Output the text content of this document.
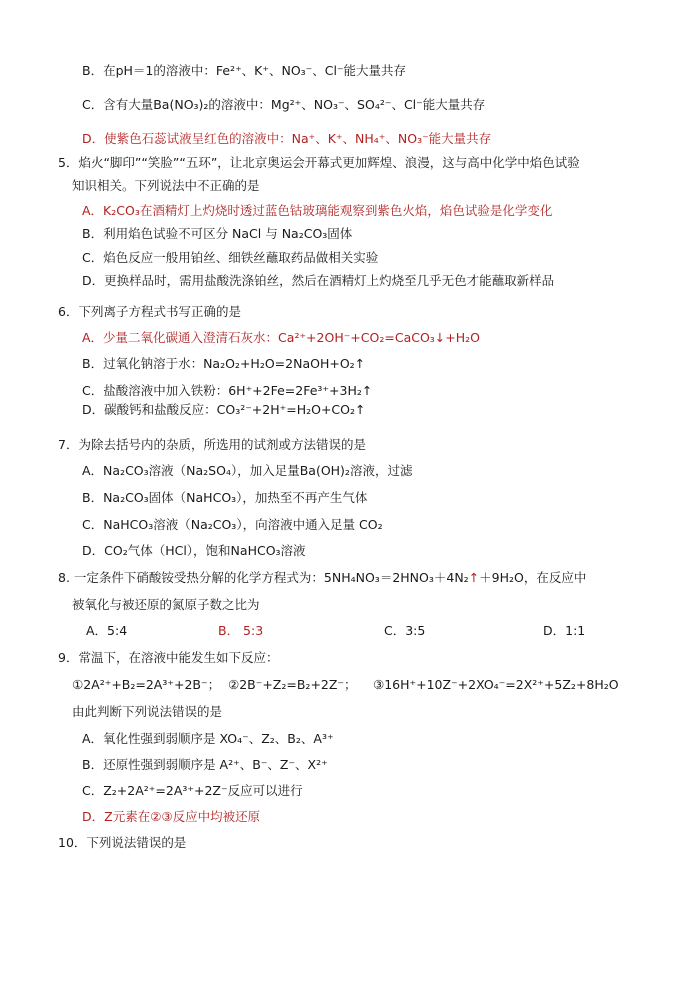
B．在pH＝1的溶液中：Fe²⁺、K⁺、NO₃⁻、Cl⁻能大量共存
C．含有大量Ba(NO₃)₂的溶液中：Mg²⁺、NO₃⁻、SO₄²⁻、Cl⁻能大量共存
D．使紫色石蕊试液呈红色的溶液中：Na⁺、K⁺、NH₄⁺、NO₃⁻能大量共存
5．焰火“脚印”“笑脸”“五环”，让北京奥运会开幕式更加辉煌、浪漫，这与高中化学中焰色试验
知识相关。下列说法中不正确的是
A．K₂CO₃在酒精灯上灼烧时透过蓝色钴玻璃能观察到紫色火焰，焰色试验是化学变化
B．利用焰色试验不可区分 NaCl 与 Na₂CO₃固体
C．焰色反应一般用铂丝、细铁丝蘸取药品做相关实验
D．更换样品时，需用盐酸洗涤铂丝，然后在酒精灯上灼烧至几乎无色才能蘸取新样品
6．下列离子方程式书写正确的是
A．少量二氧化碳通入澄清石灰水：Ca²⁺+2OH⁻+CO₂=CaCO₃↓+H₂O
B．过氧化钠溶于水：Na₂O₂+H₂O=2NaOH+O₂↑
C．盐酸溶液中加入铁粉：6H⁺+2Fe=2Fe³⁺+3H₂↑
D．碳酸钙和盐酸反应：CO₃²⁻+2H⁺=H₂O+CO₂↑
7．为除去括号内的杂质，所选用的试剂或方法错误的是
A．Na₂CO₃溶液（Na₂SO₄），加入足量Ba(OH)₂溶液，过滤
B．Na₂CO₃固体（NaHCO₃），加热至不再产生气体
C．NaHCO₃溶液（Na₂CO₃），向溶液中通入足量 CO₂
D．CO₂气体（HCl），饱和NaHCO₃溶液
8. 一定条件下硝酸铵受热分解的化学方程式为：5NH₄NO₃＝2HNO₃＋4N₂↑＋9H₂O，在反应中
被氧化与被还原的氮原子数之比为
A．5:4	B． 5:3	C．3:5	D．1:1
9．常温下，在溶液中能发生如下反应：
①2A²⁺+B₂=2A³⁺+2B⁻； ②2B⁻+Z₂=B₂+2Z⁻； ③16H⁺+10Z⁻+2XO₄⁻=2X²⁺+5Z₂+8H₂O
由此判断下列说法错误的是
A．氧化性强到弱顺序是 XO₄⁻、Z₂、B₂、A³⁺
B．还原性强到弱顺序是 A²⁺、B⁻、Z⁻、X²⁺
C．Z₂+2A²⁺=2A³⁺+2Z⁻反应可以进行
D．Z元素在②③反应中均被还原
10．下列说法错误的是
